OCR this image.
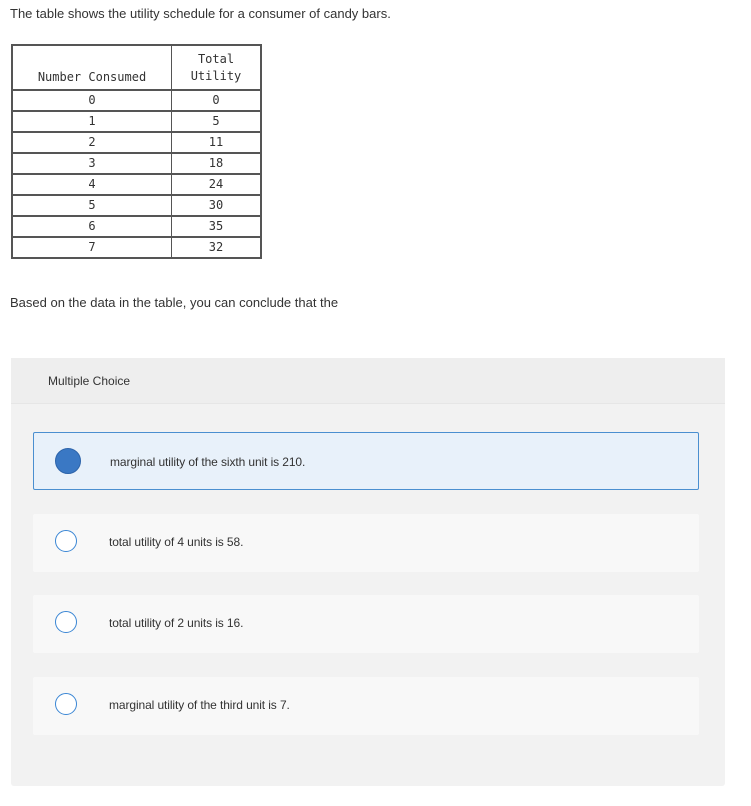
The table shows the utility schedule for a consumer of candy bars.
Number Consumed	Total Utility
0	0
1	5
2	11
3	18
4	24
5	30
6	35
7	32
Based on the data in the table, you can conclude that the
Multiple Choice
marginal utility of the sixth unit is 210.
total utility of 4 units is 58.
total utility of 2 units is 16.
marginal utility of the third unit is 7.
